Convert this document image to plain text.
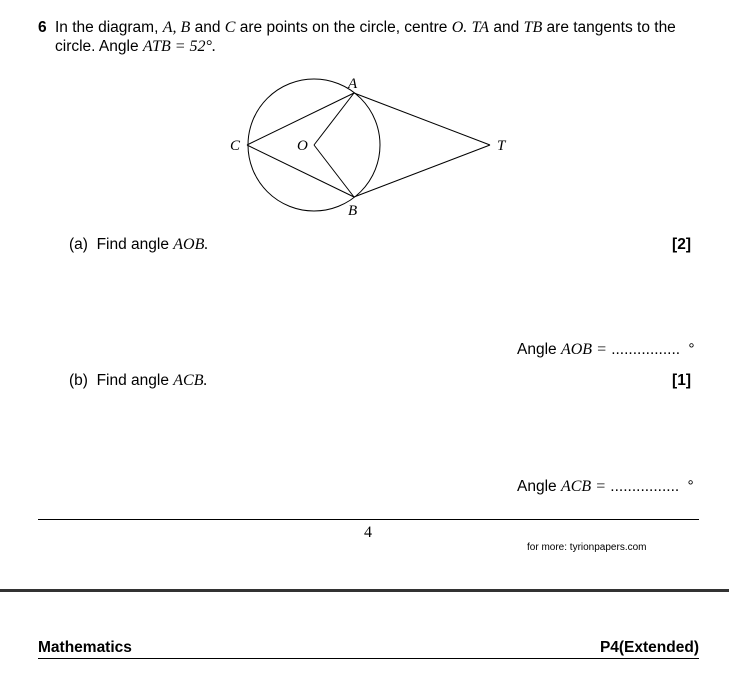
6 In the diagram, A, B and C are points on the circle, centre O. TA and TB are tangents to the
circle. Angle ATB = 52°.
A
B
C	O	T
(a) Find angle AOB.	[2]
Angle AOB = ................ °
(b) Find angle ACB.	[1]
Angle ACB = ................ °
4
for more: tyrionpapers.com
Mathematics	P4(Extended)
